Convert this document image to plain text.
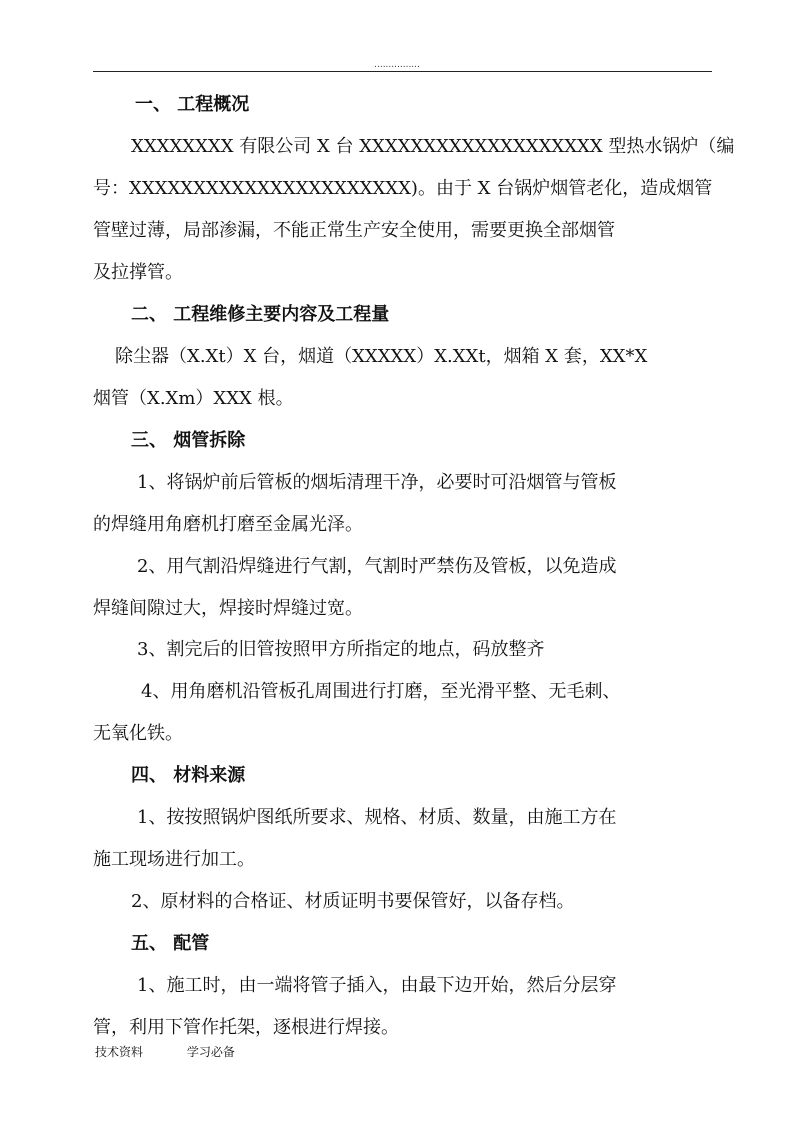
................
一、 工程概况
XXXXXXXX 有限公司 X 台 XXXXXXXXXXXXXXXXXXX 型热水锅炉（编
号：XXXXXXXXXXXXXXXXXXXXXX)。由于 X 台锅炉烟管老化，造成烟管
管壁过薄，局部渗漏，不能正常生产安全使用，需要更换全部烟管
及拉撑管。
二、 工程维修主要内容及工程量
除尘器（X.Xt）X 台，烟道（XXXXX）X.XXt，烟箱 X 套，XX*X
烟管（X.Xm）XXX 根。
三、 烟管拆除
1、将锅炉前后管板的烟垢清理干净，必要时可沿烟管与管板
的焊缝用角磨机打磨至金属光泽。
2、用气割沿焊缝进行气割，气割时严禁伤及管板，以免造成
焊缝间隙过大，焊接时焊缝过宽。
3、割完后的旧管按照甲方所指定的地点，码放整齐
4、用角磨机沿管板孔周围进行打磨，至光滑平整、无毛刺、
无氧化铁。
四、 材料来源
1、按按照锅炉图纸所要求、规格、材质、数量，由施工方在
施工现场进行加工。
2、原材料的合格证、材质证明书要保管好，以备存档。
五、 配管
1、施工时，由一端将管子插入，由最下边开始，然后分层穿
管，利用下管作托架，逐根进行焊接。
技术资料	学习必备
